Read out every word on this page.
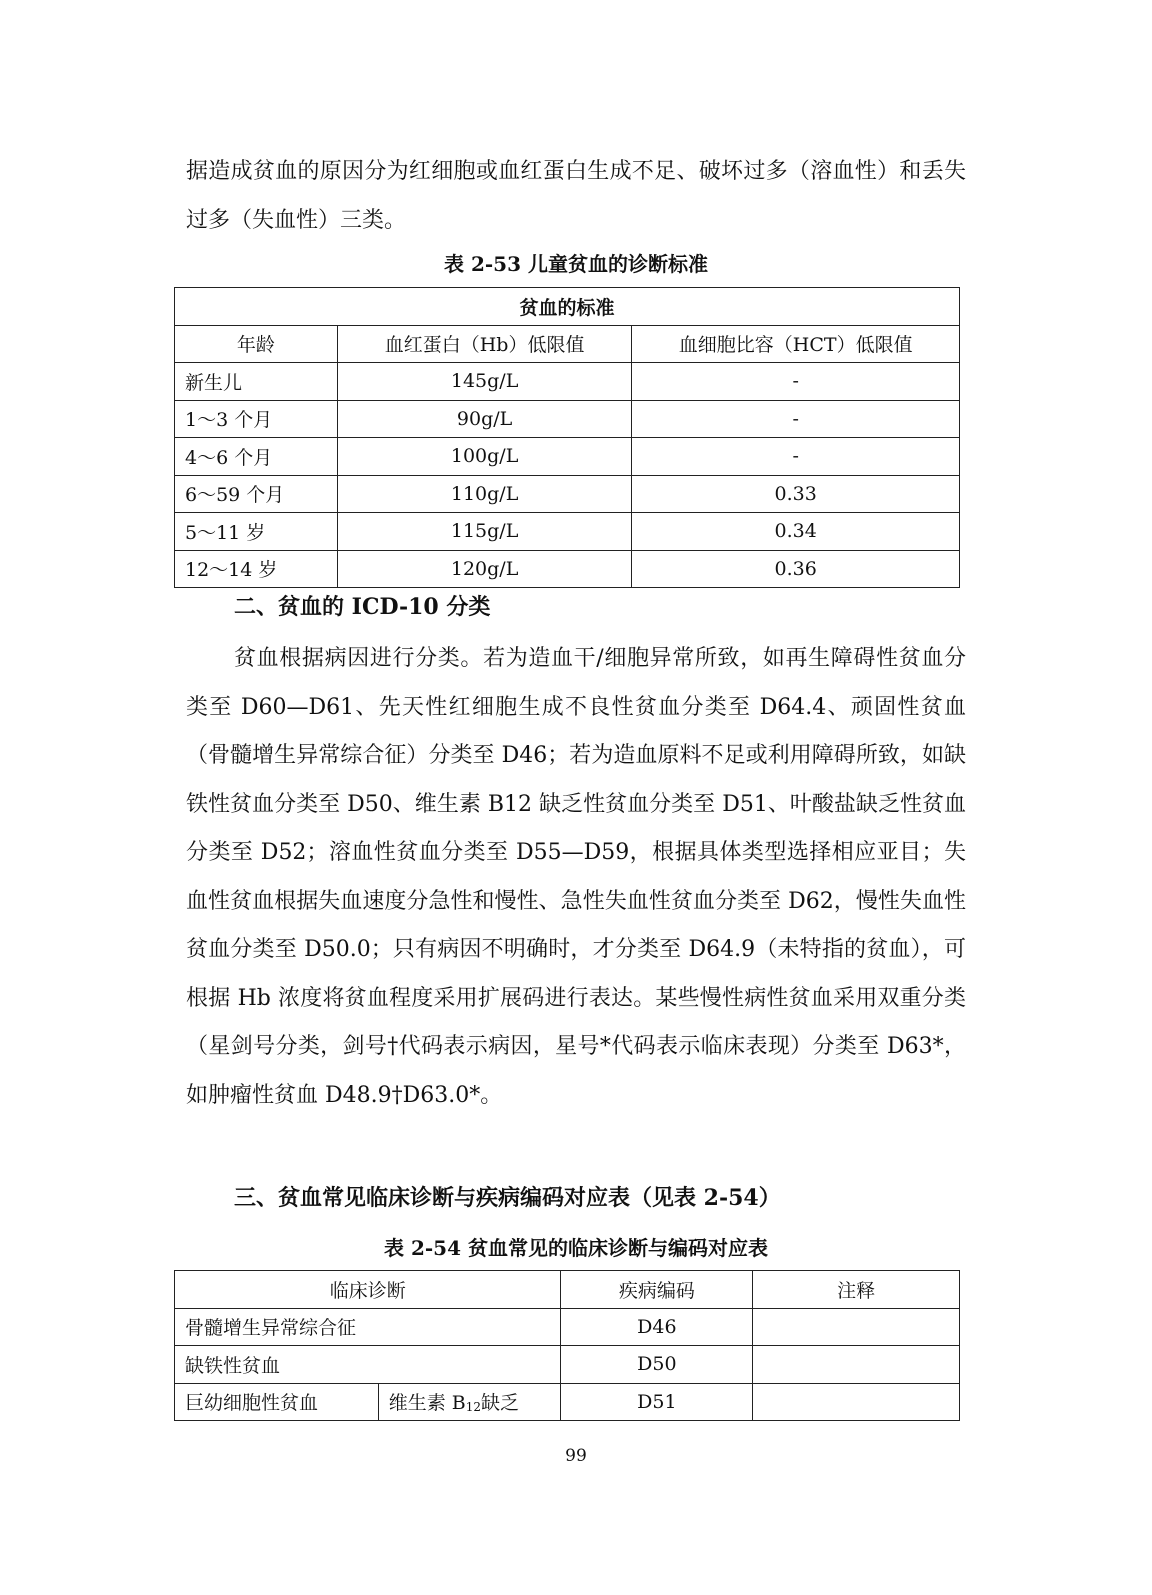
据造成贫血的原因分为红细胞或血红蛋白生成不足、破坏过多（溶血性）和丢失过多（失血性）三类。

表 2-53 儿童贫血的诊断标准

贫血的标准		
年龄	血红蛋白（Hb）低限值	血细胞比容（HCT）低限值
新生儿	145g/L	-
1～3 个月	90g/L	-
4～6 个月	100g/L	-
6～59 个月	110g/L	0.33
5～11 岁	115g/L	0.34
12～14 岁	120g/L	0.36

二、贫血的 ICD-10 分类

贫血根据病因进行分类。若为造血干/细胞异常所致，如再生障碍性贫血分类至 D60—D61、先天性红细胞生成不良性贫血分类至 D64.4、顽固性贫血（骨髓增生异常综合征）分类至 D46；若为造血原料不足或利用障碍所致，如缺铁性贫血分类至 D50、维生素 B12 缺乏性贫血分类至 D51、叶酸盐缺乏性贫血分类至 D52；溶血性贫血分类至 D55—D59，根据具体类型选择相应亚目；失血性贫血根据失血速度分急性和慢性、急性失血性贫血分类至 D62，慢性失血性贫血分类至 D50.0；只有病因不明确时，才分类至 D64.9（未特指的贫血），可根据 Hb 浓度将贫血程度采用扩展码进行表达。某些慢性病性贫血采用双重分类（星剑号分类，剑号†代码表示病因，星号*代码表示临床表现）分类至 D63*，如肿瘤性贫血 D48.9†D63.0*。

三、贫血常见临床诊断与疾病编码对应表（见表 2-54）

表 2-54 贫血常见的临床诊断与编码对应表

临床诊断		疾病编码	注释
骨髓增生异常综合征		D46	
缺铁性贫血		D50	
巨幼细胞性贫血	维生素 $B_{12}$缺乏	D51	

99
